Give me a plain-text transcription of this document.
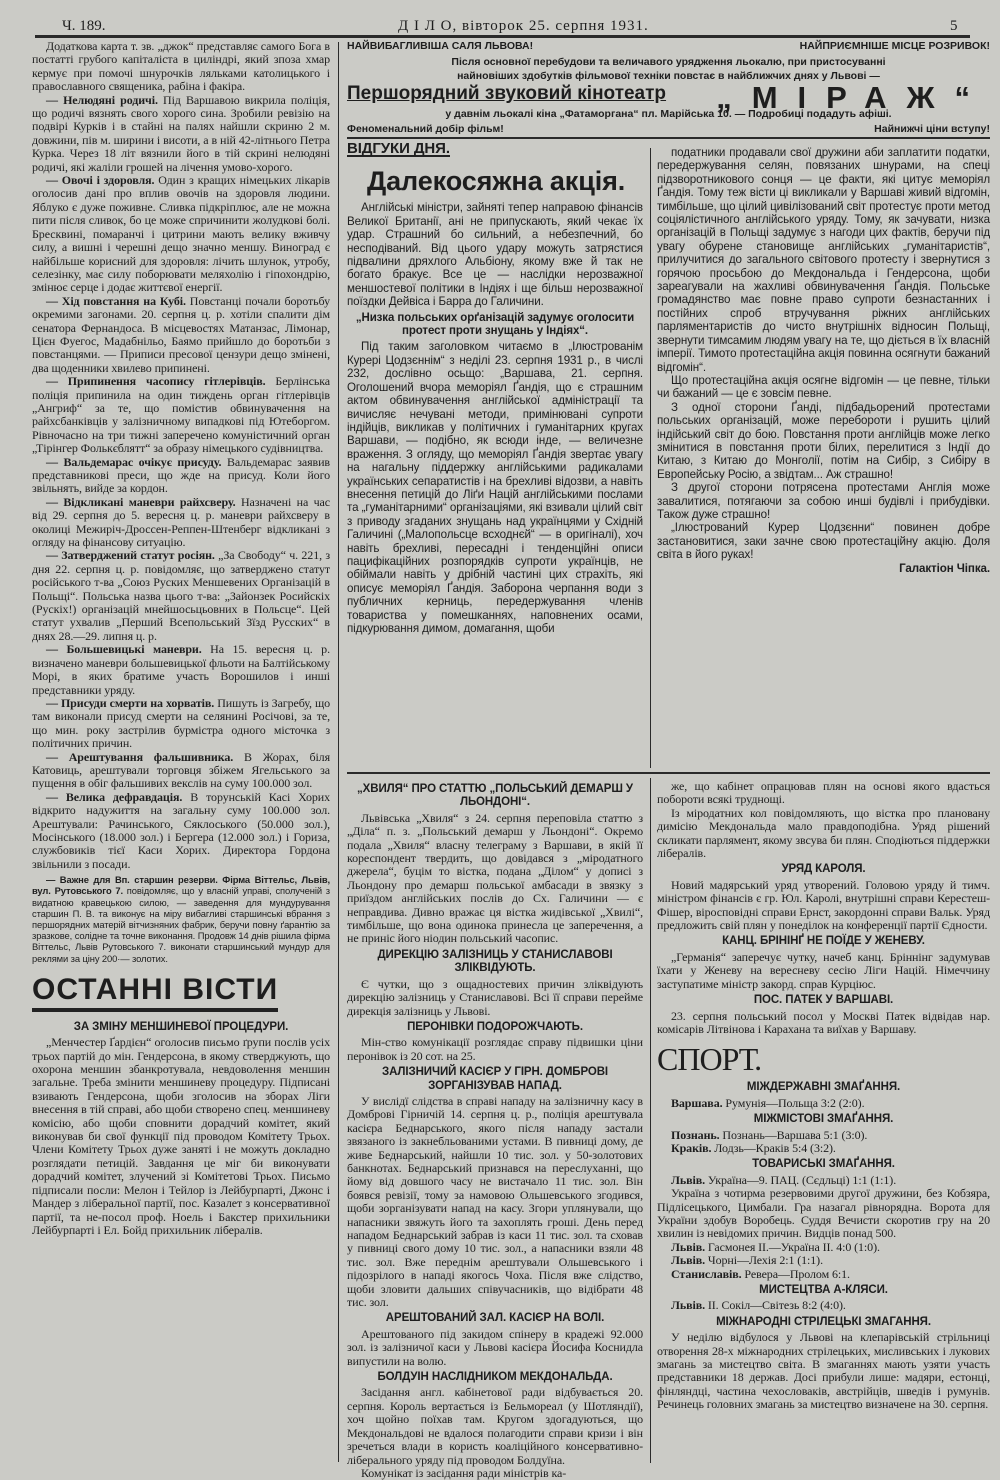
Ч. 189.	Д І Л О, вівторок 25. серпня 1931.	5
НАЙВИБАГЛИВІША САЛЯ ЛЬВОВА!	НАЙПРИЄМНІШЕ МІСЦЕ РОЗРИВОК!
Після основної перебудови та величавого урядження льокалю, при пристосуванні
найновіших здобутків фільмової техніки повстає в найближчих днях у Львові —
Першорядний звуковий кінотеатр „МІРАЖ“
у давнім льокалі кіна „Фатаморгана“ пл. Марійська 10. — Подробиці подадуть афіші.
Феноменальний добір фільм!	Найнижчі ціни вступу!
Додаткова карта т. зв. „джок“ представляє самого Бога в постатті грубого капіталіста в циліндрі, який зпоза хмар кермує при помочі шнурочків ляльками католицького і православного священика, рабіна і факіра.
— Нелюдяні родичі. Під Варшавою викрила поліція, що родичі вязнять свого хорого сина. Зробили ревізію на подвірі Курків і в стайні на палях найшли скриню 2 м. довжини, пів м. ширини і висоти, а в ній 42-літнього Петра Курка. Через 18 літ вязнили його в тій скрині нелюдяні родичі, які жаліли грошей на лічення умово-хорого.
— Овочі і здоровля. Один з кращих німецьких лікарів оголосив дані про вплив овочів на здоровля людини. Яблуко є дуже поживне. Сливка підкріплює, але не можна пити після сливок, бо це може спричинити жолудкові болі. Бресквині, помаранчі і цитрини мають велику вживчу силу, а вишні і черешні дещо значно меншу. Виноград є найбільше корисний для здоровля: лічить шлунок, утробу, селезінку, має силу поборювати меляхолію і гіпохондрію, змінює серце і додає життєвої енергії.
— Хід повстання на Кубі. Повстанці почали боротьбу окремими загонами. 20. серпня ц. р. хотіли спалити дім сенатора Фернандоса. В місцевостях Матанзас, Лімонар, Цієн Фуегос, Мадабнільо, Баямо прийшло до боротьби з повстанцями. — Приписи пресової цензури дещо змінені, два щоденники хвилево припинені.
— Припинення часопису гітлерівців. Берлінська поліція припинила на один тиждень орган гітлерівців „Ангриф“ за те, що помістив обвинувачення на райхсбанківців у залізничному випадкові під Ютеборгом. Рівночасно на три тижні заперечено комуністичний орган „Тірінгер Фолькєблятт“ за образу німецького судівництва.
— Вальдемарас очікує присуду. Вальдемарас заявив представникові преси, що жде на присуд. Коли його звільнять, вийде за кордон.
— Відкликані маневри райхсверу. Назначені на час від 29. серпня до 5. вересня ц. р. маневри райхсверу в околиці Межиріч-Дроссен-Реппен-Штенберг відкликані з огляду на фінансову ситуацію.
— Затверджений статут росіян. „За Свободу“ ч. 221, з дня 22. серпня ц. р. повідомляє, що затверджено статут російського т-ва „Союз Руских Меншевених Організацій в Польщі“. Польська назва цього т-ва: „Зайонзек Росийскіх (Рускіх!) організацій мнейшосьцьовних в Польсце“. Цей статут ухвалив „Перший Всепольський Зїзд Русских“ в днях 28.—29. липня ц. р.
— Большевицькі маневри. На 15. вересня ц. р. визначено маневри большевицької фльоти на Балтійському Морі, в яких братиме участь Ворошилов і инші представники уряду.
— Присуди смерти на хорватів. Пишуть із Загребу, що там виконали присуд смерти на селянині Росічові, за те, що мин. року застрілив бурмістра одного місточка з політичних причин.
— Арештування фальшивника. В Жорах, біля Катовиць, арештували торговця збіжем Ягельського за пущення в обіг фальшивих векслів на суму 100.000 зол.
— Велика дефравдація. В торунській Касі Хорих відкрито надужиття на загальну суму 100.000 зол. Арештували: Рачинського, Сяклоського (50.000 зол.), Мосінського (18.000 зол.) і Бергера (12.000 зол.) і Гориза, службовиків тієї Каси Хорих. Директора Гордона звільнили з посади.
— Важне для Вп. старшин резерви. Фірма Віттельс, Львів, вул. Рутовського 7. повідомляє, що у власній управі, сполученій з видатною кравецькою силою, — заведення для мундурування старшин П. В. та виконує на міру вибагливі старшинські вбрання з першорядних матерій вітчизняних фабрик, беручи повну ґарантію за зразкове, солідне та точне виконання. Продовж 14 днів рішила фірма Віттельс, Львів Рутовського 7. виконати старшинський мундур для реклями за ціну 200·— золотих.
ОСТАННІ ВІСТИ
ЗА ЗМІНУ МЕНШИНЕВОЇ ПРОЦЕДУРИ.
„Менчестер Ґардієн“ оголосив письмо ґрупи послів усіх трьох партій до мін. Гендерсона, в якому стверджують, що охорона меншин збанкротувала, невдоволення меншин загальне. Треба змінити меншиневу процедуру. Підписані взивають Гендерсона, щоби зголосив на зборах Ліги внесення в тій справі, або щоби створено спец. меншиневу комісію, або щоби сповнити дорадчий комітет, який виконував би свої функції під проводом Комітету Трьох. Члени Комітету Трьох дуже заняті і не можуть докладно розглядати петицій. Завдання це міг би виконувати дорадчий комітет, злучений зі Комітетові Трьох. Письмо підписали посли: Мелон і Тейлор із Лейбурпарті, Джонс і Мандер з ліберальної партії, пос. Казалет з консервативної партії, та не-посол проф. Ноель і Бакстер прихильники Лейбурпарті і Ел. Бойд прихильник лібералів.
ВІДГУКИ ДНЯ.
Далекосяжна акція.
Англійські міністри, зайняті тепер направою фінансів Великої Британії, ані не припускають, який чекає їх удар. Страшний бо сильний, а небезпечний, бо несподіваний. Від цього удару можуть затрястися підвалини дряхлого Альбіону, якому вже й так не богато бракує. Все це — наслідки нерозважної меншостевої політики в Індіях і ще більш нерозважної поїздки Дейвіса і Барра до Галичини.
„Низка польських орґанізацій задумує оголосити протест проти знущань у Індіях“.
Під таким заголовком читаємо в „Ілюстрованім Курері Цодзєннім“ з неділі 23. серпня 1931 р., в числі 232, дослівно осьщо: „Варшава, 21. серпня. Оголошений вчора меморіял Ґандія, що є страшним актом обвинувачення англійської адміністрації та вичисляє нечувані методи, примінювані супроти індійців, викликав у політичних і гуманітарних кругах Варшави, — подібно, як всюди інде, — величезне враження. З огляду, що меморіял Ґандія звертає увагу на нагальну піддержку англійськими радикалами українських сепаратистів і на брехливі відозви, а навіть внесення петицій до Ліґи Націй англійськими послами та „гуманітарними“ організаціями, які взивали цілий світ з приводу згаданих знущань над українцями у Східній Галичині („Малопольсце всходнєй“ — в оригіналі), хоч навіть брехливі, пересадні і тенденційні описи пацифікаційних розпорядків супроти українців, не обіймали навіть у дрібній частині цих страхіть, які описує меморіял Ґандія. Заборона черпання води з публичних керниць, передержування членів товариства у помешканнях, наповнених осами, підкурювання димом, домагання, щоби
податники продавали свої дружини аби заплатити податки, передержування селян, повязаних шнурами, на спеці підзворотникового сонця — це факти, які цитує меморіял Ґандія. Тому теж вісти ці викликали у Варшаві живий відгомін, тимбільше, що цілий цивілізований світ протестує проти метод соціялістичного англійського уряду. Тому, як зачувати, низка організацій в Польщі задумує з нагоди цих фактів, беручи під увагу обурене становище англійських „гуманітаристів“, прилучитися до загального світового протесту і звернутися з горячою просьбою до Мекдональда і Гендерсона, щоби зареагували на жахливі обвинувачення Ґандія. Польське громадянство має повне право супроти безнастанних і постійних спроб втручування ріжних англійських парляментаристів до чисто внутрішніх відносин Польщі, звернути тимсамим людям увагу на те, що діється в їх власній імперії. Тимото протестаційна акція повинна осягнути бажаний відгомін“.
Що протестаційна акція осягне відгомін — це певне, тільки чи бажаний — це є зовсім певне.
З одної сторони Ґанді, підбадьорений протестами польських організацій, може перебороти і рушить цілий індійський світ до бою. Повстання проти англійців може легко змінитися в повстання проти білих, перелитися з Індії до Китаю, з Китаю до Монголії, потім на Сибір, з Сибіру в Европейську Росію, а звідтам... Аж страшно!
З другої сторони потрясена протестами Англія може завалитися, потягаючи за собою инші будівлі і прибудівки. Також дуже страшно!
„Ілюстрований Курер Цодзєнни“ повинен добре застановитися, заки зачне свою протестаційну акцію. Доля світа в його руках!
Галактіон Чіпка.
„ХВИЛЯ“ ПРО СТАТТЮ „ПОЛЬСЬКИЙ ДЕМАРШ У ЛЬОНДОНІ“.
Львівська „Хвиля“ з 24. серпня переповіла статтю з „Діла“ п. з. „Польський демарш у Льондоні“. Окремо подала „Хвиля“ власну телеграму з Варшави, в якій її кореспондент твердить, що довідався з „міродатного джерела“, буцім то вістка, подана „Ділом“ у дописі з Льондону про демарш польської амбасади в звязку з приїздом англійських послів до Сх. Галичини — є неправдива. Дивно вражає ця вістка жидівської „Хвилі“, тимбільше, що вона одинока принесла це заперечення, а не приніс його ніодин польський часопис.
ДИРЕКЦІЮ ЗАЛІЗНИЦЬ У СТАНИСЛАВОВІ ЗЛІКВІДУЮТЬ.
Є чутки, що з ощадностевих причин зліквідують дирекцію залізниць у Станиславові. Всі її справи перейме дирекція залізниць у Львові.
ПЕРОНІВКИ ПОДОРОЖЧАЮТЬ.
Мін-ство комунікації розглядає справу підвишки ціни перонівок із 20 сот. на 25.
ЗАЛІЗНИЧИЙ КАСІЄР У ГІРН. ДОМБРОВІ ЗОРГАНІЗУВАВ НАПАД.
У вислідї слідства в справі нападу на залізничну касу в Домброві Гірничій 14. серпня ц. р., поліція арештувала касієра Беднарського, якого після нападу застали звязаного із закнебльованими устами. В пивниці дому, де живе Беднарський, найшли 10 тис. зол. у 50-золотових банкнотах. Беднарський признався на переслуханні, що йому від довшого часу не вистачало 11 тис. зол. Він боявся ревізії, тому за намовою Ольшевського згодився, щоби зорганізувати напад на касу. Згори уплянували, що напасники звяжуть його та захоплять гроші. День перед нападом Беднарський забрав із каси 11 тис. зол. та сховав у пивниці свого дому 10 тис. зол., а напасники взяли 48 тис. зол. Вже переднім арештували Ольшевського і підозрілого в нападі якогось Чоха. Після вже слідство, щоби зловити дальших співучасників, що відібрати 48 тис. зол.
АРЕШТОВАНИЙ ЗАЛ. КАСІЄР НА ВОЛІ.
Арештованого під закидом спінеру в крадежі 92.000 зол. із залізничої каси у Львові касієра Йосифа Коснидла випустили на волю.
БОЛДУІН НАСЛІДНИКОМ МЕКДОНАЛЬДА.
Засідання англ. кабінетової ради відбувається 20. серпня. Король вертається із Бельмореал (у Шотляндії), хоч щойно поїхав там. Кругом здогадуються, що Мекдональдові не вдалося полагодити справи кризи і він зречеться влади в користь коаліційного консервативно-ліберального уряду під проводом Болдуїна.
Комунікат із засідання ради міністрів ка-
же, що кабінет опрацював плян на основі якого вдасться побороти всякі труднощі.
Із міродатних кол повідомляють, що вістка про плановану димісію Мекдональда мало правдоподібна. Уряд рішений скликати парлямент, якому звсува би плян. Сподіються піддержки лібералів.
УРЯД КАРОЛЯ.
Новий мадярський уряд утворений. Головою уряду й тимч. міністром фінансів є гр. Юл. Каролі, внутрішні справи Керестеш-Фішер, віросповідні справи Ернст, закордонні справи Вальк. Уряд предложить свій плян у понеділок на конференції партії Єдности.
КАНЦ. БРІНІНҐ НЕ ПОЇДЕ У ЖЕНЕВУ.
„Германія“ заперечує чутку, начеб канц. Бріннінг задумував їхати у Женеву на вересневу сесію Ліги Націй. Німеччину заступатиме міністр закорд. справ Курціюс.
ПОС. ПАТЕК У ВАРШАВІ.
23. серпня польський посол у Москві Патек відвідав нар. комісарів Літвінова і Карахана та виїхав у Варшаву.
СПОРТ.
МІЖДЕРЖАВНІ ЗМАҐАННЯ.
Варшава. Румунія—Польща 3:2 (2:0).
МІЖМІСТОВІ ЗМАҐАННЯ.
Познань. Познань—Варшава 5:1 (3:0).
Краків. Лодзь—Краків 5:4 (3:2).
ТОВАРИСЬКІ ЗМАҐАННЯ.
Львів. Україна—9. ПАЦ. (Сєдльці) 1:1 (1:1).
Україна з чотирма резервовими другої дружини, без Кобзяра, Підлісецького, Цимбали. Гра назагал рівнорядна. Ворота для України здобув Воробець. Суддя Вечисти скоротив гру на 20 хвилин із невідомих причин. Видців понад 500.
Львів. Гасмонея ІІ.—Україна ІІ. 4:0 (1:0).
Львів. Чорні—Лехія 2:1 (1:1).
Станиславів. Ревера—Пролом 6:1.
МИСТЕЦТВА А-КЛЯСИ.
Львів. II. Сокіл—Світезь 8:2 (4:0).
МІЖНАРОДНІ СТРІЛЕЦЬКІ ЗМАГАННЯ.
У неділю відбулося у Львові на клепарівській стрільниці отворення 28-х міжнародних стрілецьких, мисливських і лукових змагань за мистецтво світа. В змаганнях мають узяти участь представники 18 держав. Досі прибули лише: мадяри, естонці, фінляндці, частина чехословаків, австрійців, шведів і румунів. Речинець головних змагань за мистецтво визначене на 30. серпня.
